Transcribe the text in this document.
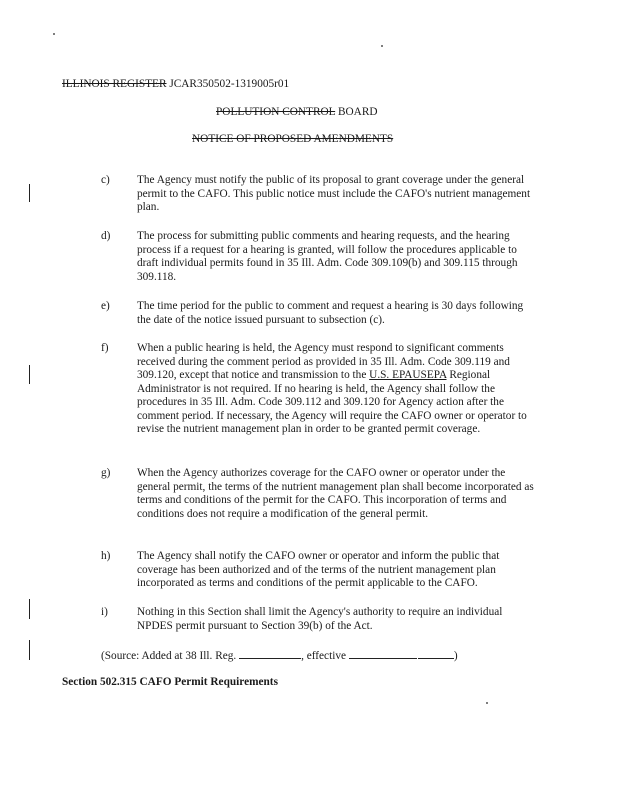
ILLINOIS REGISTER JCAR350502-1319005r01
POLLUTION CONTROL BOARD
NOTICE OF PROPOSED AMENDMENTS
c) The Agency must notify the public of its proposal to grant coverage under the general permit to the CAFO. This public notice must include the CAFO's nutrient management plan.
d) The process for submitting public comments and hearing requests, and the hearing process if a request for a hearing is granted, will follow the procedures applicable to draft individual permits found in 35 Ill. Adm. Code 309.109(b) and 309.115 through 309.118.
e) The time period for the public to comment and request a hearing is 30 days following the date of the notice issued pursuant to subsection (c).
f)	When a public hearing is held, the Agency must respond to significant comments received during the comment period as provided in 35 Ill. Adm. Code 309.119 and 309.120, except that notice and transmission to the U.S. EPAUSEPA Regional Administrator is not required. If no hearing is held, the Agency shall follow the procedures in 35 Ill. Adm. Code 309.112 and 309.120 for Agency action after the comment period. If necessary, the Agency will require the CAFO owner or operator to revise the nutrient management plan in order to be granted permit coverage.
g) When the Agency authorizes coverage for the CAFO owner or operator under the general permit, the terms of the nutrient management plan shall become incorporated as terms and conditions of the permit for the CAFO. This incorporation of terms and conditions does not require a modification of the general permit.
h) The Agency shall notify the CAFO owner or operator and inform the public that coverage has been authorized and of the terms of the nutrient management plan incorporated as terms and conditions of the permit applicable to the CAFO.
i)	Nothing in this Section shall limit the Agency's authority to require an individual NPDES permit pursuant to Section 39(b) of the Act.
(Source: Added at 38 Ill. Reg.	, effective	)
Section 502.315 CAFO Permit Requirements
